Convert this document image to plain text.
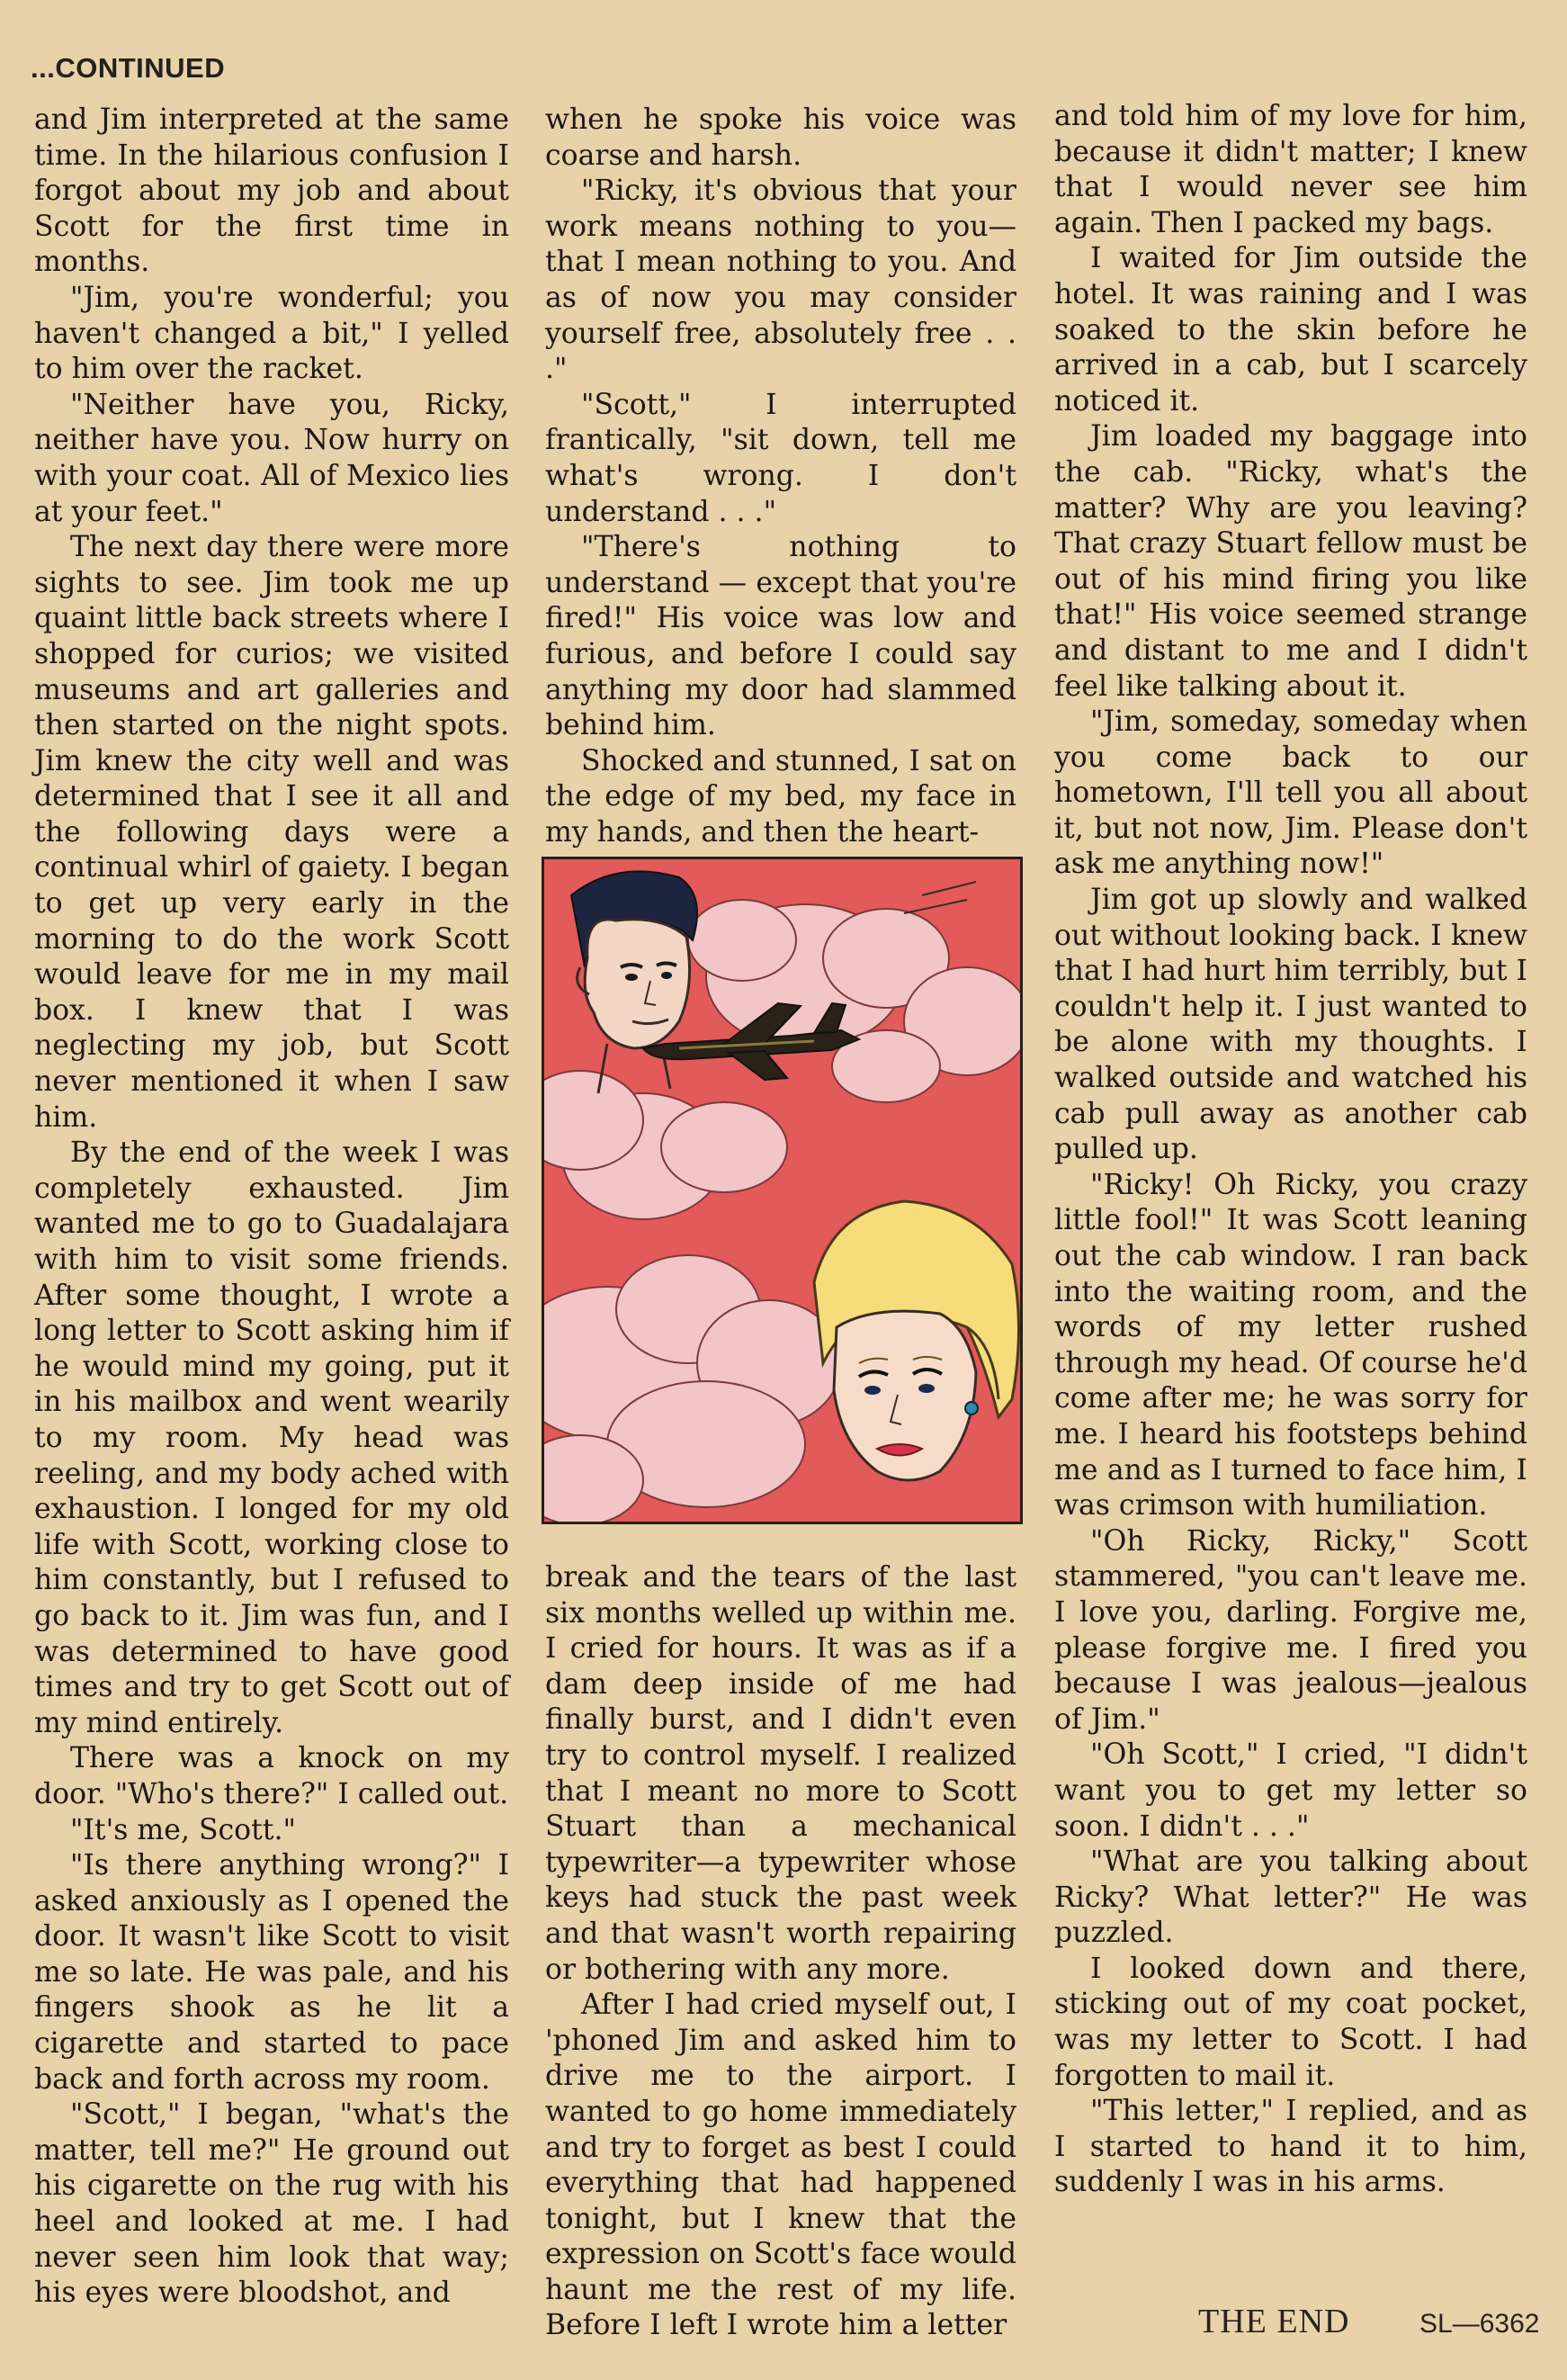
...CONTINUED

and Jim interpreted at the same time. In the hilarious confusion I forgot about my job and about Scott for the first time in months.

"Jim, you're wonderful; you haven't changed a bit," I yelled to him over the racket.

"Neither have you, Ricky, neither have you. Now hurry on with your coat. All of Mexico lies at your feet."

The next day there were more sights to see. Jim took me up quaint little back streets where I shopped for curios; we visited museums and art galleries and then started on the night spots. Jim knew the city well and was determined that I see it all and the following days were a continual whirl of gaiety. I began to get up very early in the morning to do the work Scott would leave for me in my mail box. I knew that I was neglecting my job, but Scott never mentioned it when I saw him.

By the end of the week I was completely exhausted. Jim wanted me to go to Guadalajara with him to visit some friends. After some thought, I wrote a long letter to Scott asking him if he would mind my going, put it in his mailbox and went wearily to my room. My head was reeling, and my body ached with exhaustion. I longed for my old life with Scott, working close to him constantly, but I refused to go back to it. Jim was fun, and I was determined to have good times and try to get Scott out of my mind entirely.

There was a knock on my door. "Who's there?" I called out.

"It's me, Scott."

"Is there anything wrong?" I asked anxiously as I opened the door. It wasn't like Scott to visit me so late. He was pale, and his fingers shook as he lit a cigarette and started to pace back and forth across my room.

"Scott," I began, "what's the matter, tell me?" He ground out his cigarette on the rug with his heel and looked at me. I had never seen him look that way; his eyes were bloodshot, and

when he spoke his voice was coarse and harsh.

"Ricky, it's obvious that your work means nothing to you—that I mean nothing to you. And as of now you may consider yourself free, absolutely free . . ."

"Scott," I interrupted frantically, "sit down, tell me what's wrong. I don't understand . . ."

"There's nothing to understand — except that you're fired!" His voice was low and furious, and before I could say anything my door had slammed behind him.

Shocked and stunned, I sat on the edge of my bed, my face in my hands, and then the heart-

break and the tears of the last six months welled up within me. I cried for hours. It was as if a dam deep inside of me had finally burst, and I didn't even try to control myself. I realized that I meant no more to Scott Stuart than a mechanical typewriter—a typewriter whose keys had stuck the past week and that wasn't worth repairing or bothering with any more.

After I had cried myself out, I 'phoned Jim and asked him to drive me to the airport. I wanted to go home immediately and try to forget as best I could everything that had happened tonight, but I knew that the expression on Scott's face would haunt me the rest of my life. Before I left I wrote him a letter

and told him of my love for him, because it didn't matter; I knew that I would never see him again. Then I packed my bags.

I waited for Jim outside the hotel. It was raining and I was soaked to the skin before he arrived in a cab, but I scarcely noticed it.

Jim loaded my baggage into the cab. "Ricky, what's the matter? Why are you leaving? That crazy Stuart fellow must be out of his mind firing you like that!" His voice seemed strange and distant to me and I didn't feel like talking about it.

"Jim, someday, someday when you come back to our hometown, I'll tell you all about it, but not now, Jim. Please don't ask me anything now!"

Jim got up slowly and walked out without looking back. I knew that I had hurt him terribly, but I couldn't help it. I just wanted to be alone with my thoughts. I walked outside and watched his cab pull away as another cab pulled up.

"Ricky! Oh Ricky, you crazy little fool!" It was Scott leaning out the cab window. I ran back into the waiting room, and the words of my letter rushed through my head. Of course he'd come after me; he was sorry for me. I heard his footsteps behind me and as I turned to face him, I was crimson with humiliation.

"Oh Ricky, Ricky," Scott stammered, "you can't leave me. I love you, darling. Forgive me, please forgive me. I fired you because I was jealous—jealous of Jim."

"Oh Scott," I cried, "I didn't want you to get my letter so soon. I didn't . . ."

"What are you talking about Ricky? What letter?" He was puzzled.

I looked down and there, sticking out of my coat pocket, was my letter to Scott. I had forgotten to mail it.

"This letter," I replied, and as I started to hand it to him, suddenly I was in his arms.

THE END	SL—6362
